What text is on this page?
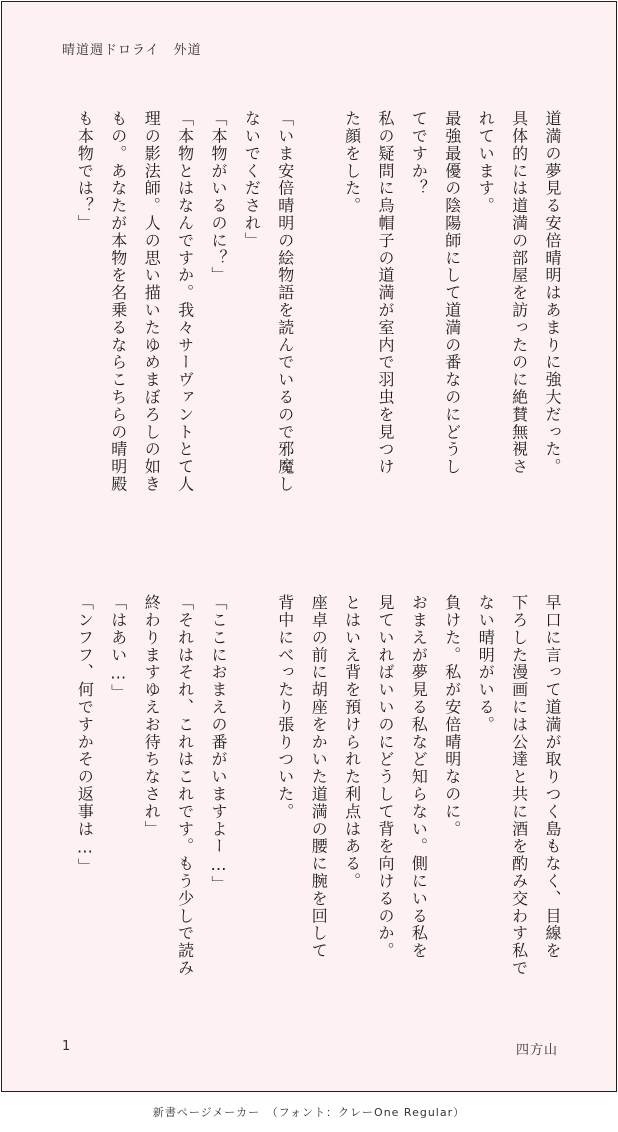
晴道週ドロライ　外道
道満の夢見る安倍晴明はあまりに強大だった。
具体的には道満の部屋を訪ったのに絶賛無視さ
れています。
最強最優の陰陽師にして道満の番なのにどうし
てですか？
私の疑問に烏帽子の道満が室内で羽虫を見つけ
た顔をした。
「いま安倍晴明の絵物語を読んでいるので邪魔し
ないでくだされ」
「本物がいるのに？」
「本物とはなんですか。我々サーヴァントとて人
理の影法師。人の思い描いたゆめまぼろしの如き
もの。あなたが本物を名乗るならこちらの晴明殿
も本物では？」
早口に言って道満が取りつく島もなく、目線を
下ろした漫画には公達と共に酒を酌み交わす私で
ない晴明がいる。
負けた。私が安倍晴明なのに。
おまえが夢見る私など知らない。側にいる私を
見ていればいいのにどうして背を向けるのか。
とはいえ背を預けられた利点はある。
座卓の前に胡座をかいた道満の腰に腕を回して
背中にべったり張りついた。
「ここにおまえの番がいますよー…」
「それはそれ、これはこれです。もう少しで読み
終わりますゆえお待ちなされ」
「はあい…」
「ンフフ、何ですかその返事は…」
1	四方山
新書ページメーカー　（フォント：クレーOne Regular）
